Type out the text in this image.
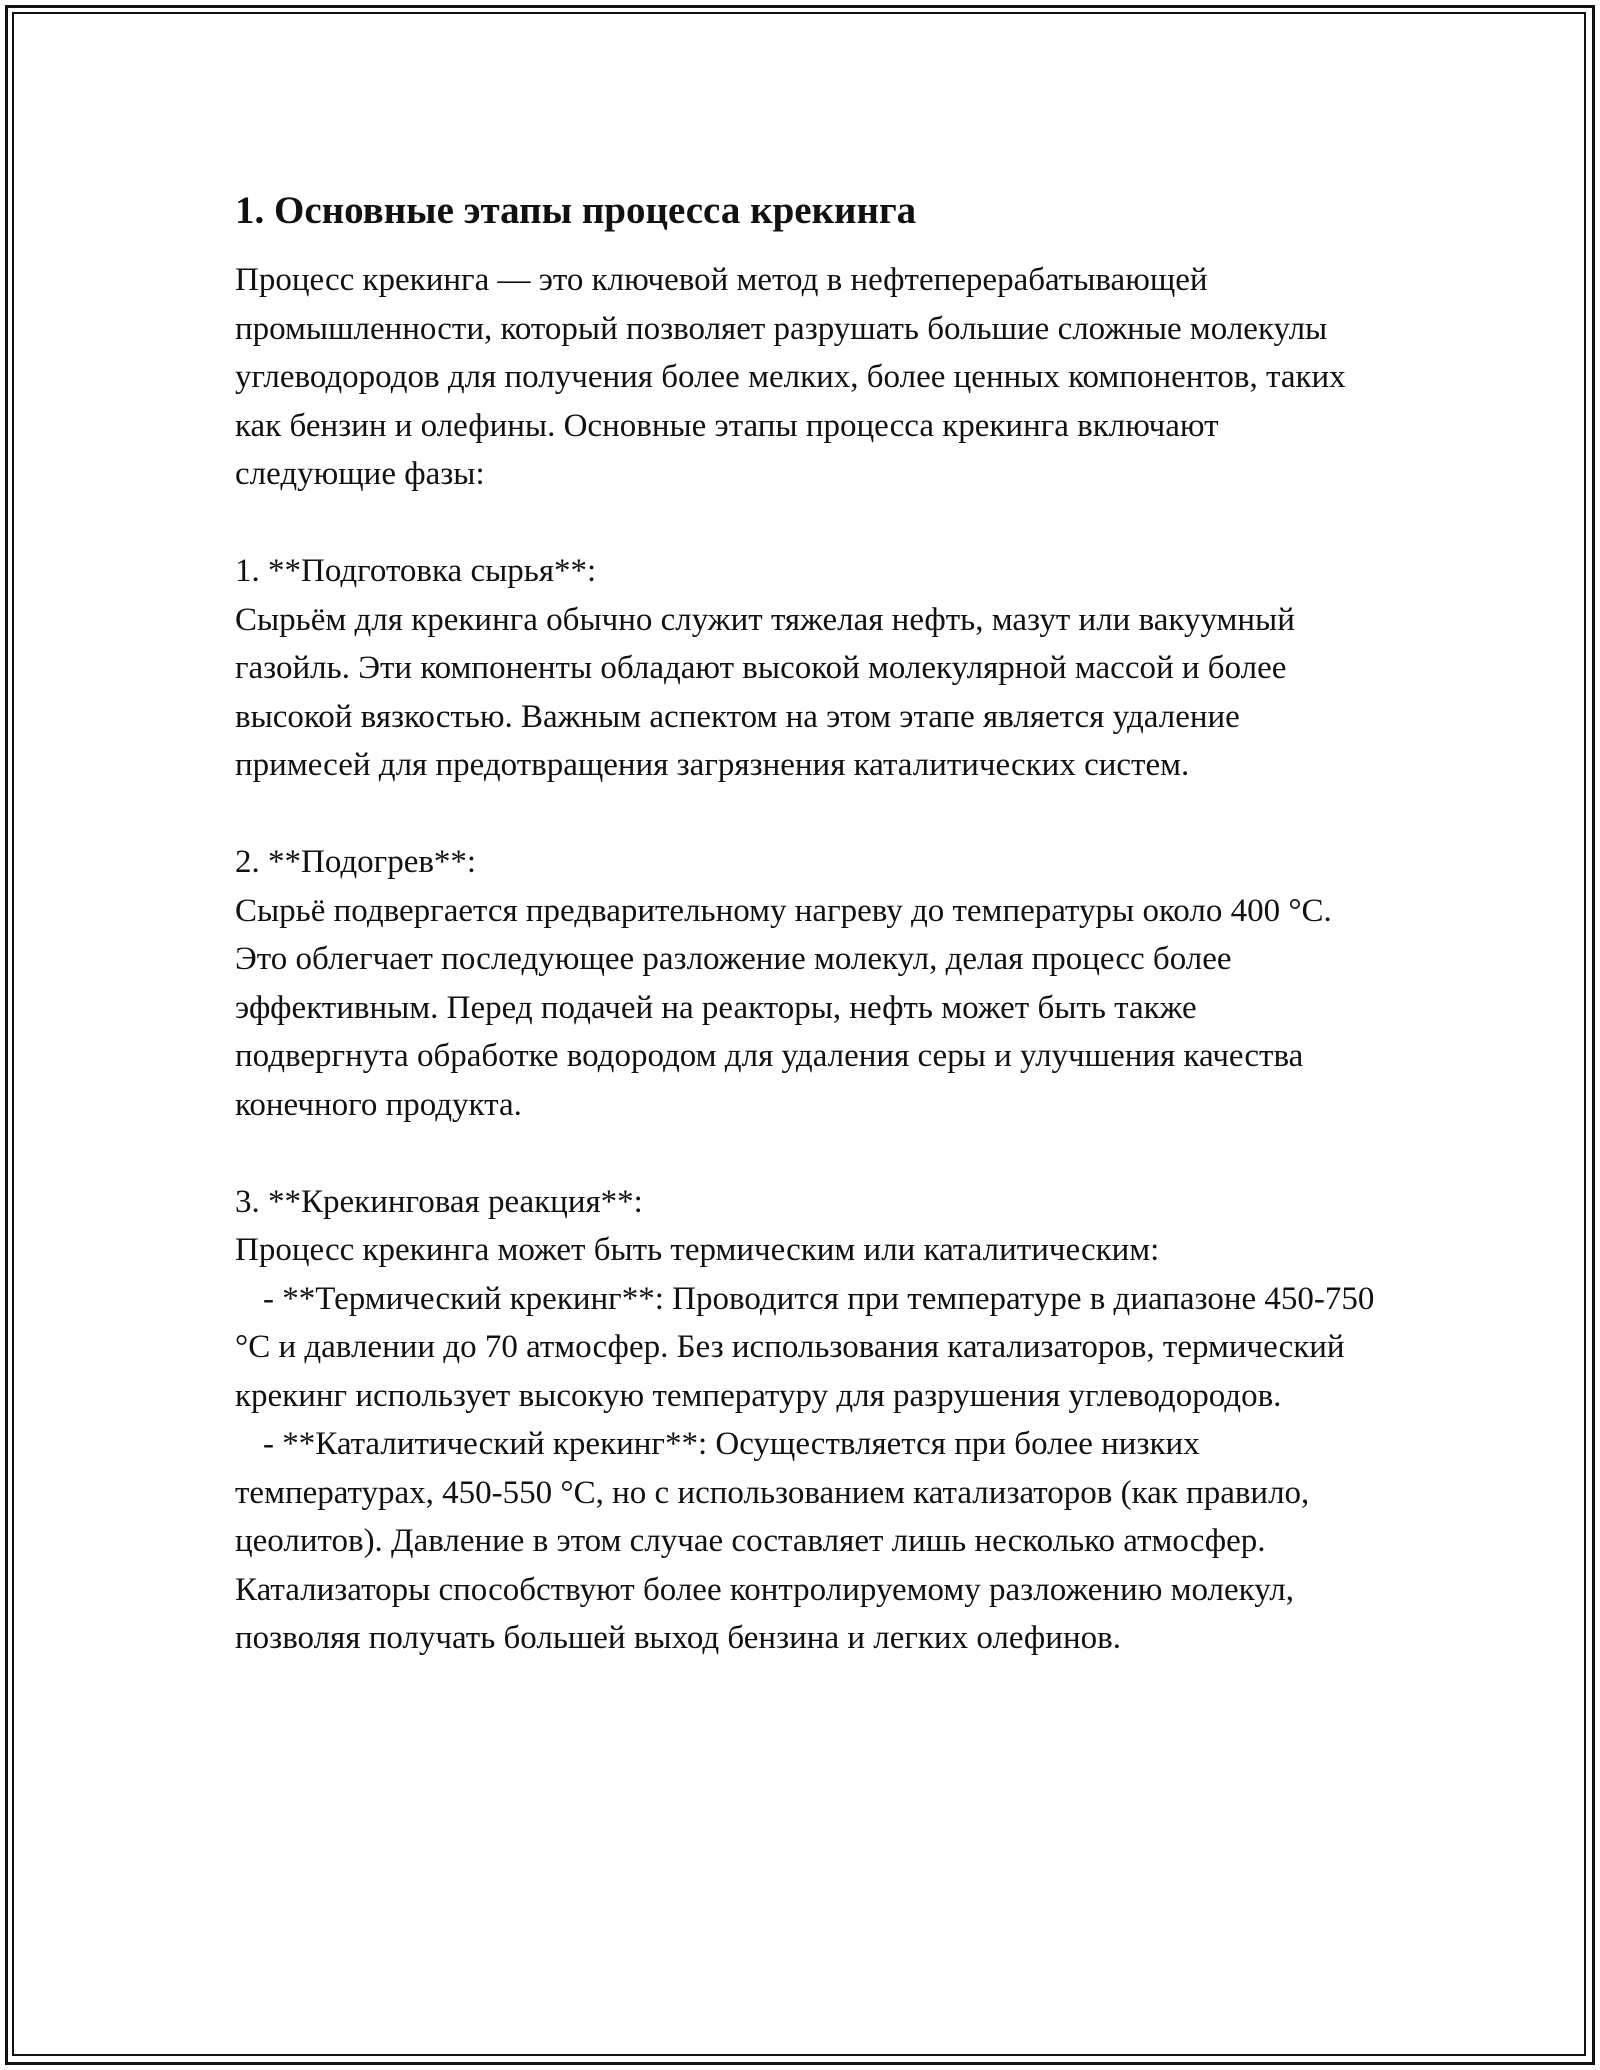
1. Основные этапы процесса крекинга

Процесс крекинга — это ключевой метод в нефтеперерабатывающей промышленности, который позволяет разрушать большие сложные молекулы углеводородов для получения более мелких, более ценных компонентов, таких как бензин и олефины. Основные этапы процесса крекинга включают следующие фазы:

1. **Подготовка сырья**:

Сырьём для крекинга обычно служит тяжелая нефть, мазут или вакуумный газойль. Эти компоненты обладают высокой молекулярной массой и более высокой вязкостью. Важным аспектом на этом этапе является удаление примесей для предотвращения загрязнения каталитических систем.

2. **Подогрев**:

Сырьё подвергается предварительному нагреву до температуры около 400 °C. Это облегчает последующее разложение молекул, делая процесс более эффективным. Перед подачей на реакторы, нефть может быть также подвергнута обработке водородом для удаления серы и улучшения качества конечного продукта.

3. **Крекинговая реакция**:

Процесс крекинга может быть термическим или каталитическим:

- **Термический крекинг**: Проводится при температуре в диапазоне 450-750 °C и давлении до 70 атмосфер. Без использования катализаторов, термический крекинг использует высокую температуру для разрушения углеводородов.

- **Каталитический крекинг**: Осуществляется при более низких температурах, 450-550 °C, но с использованием катализаторов (как правило, цеолитов). Давление в этом случае составляет лишь несколько атмосфер. Катализаторы способствуют более контролируемому разложению молекул, позволяя получать большей выход бензина и легких олефинов.
